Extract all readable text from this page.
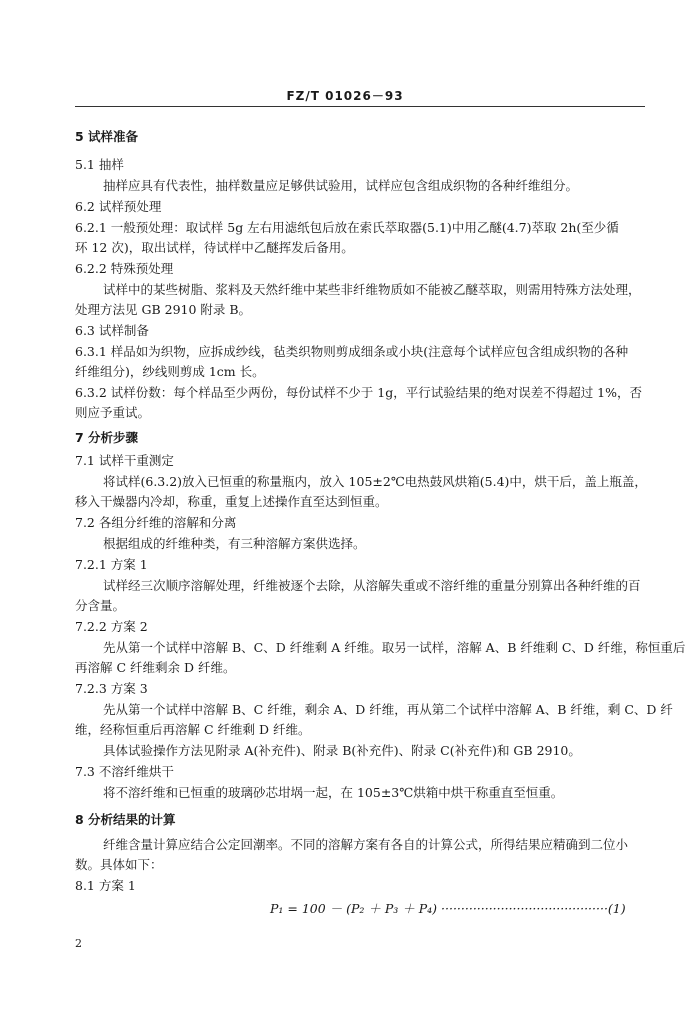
FZ/T 01026－93
5 试样准备
5.1 抽样
抽样应具有代表性，抽样数量应足够供试验用，试样应包含组成织物的各种纤维组分。
6.2 试样预处理
6.2.1 一般预处理：取试样 5g 左右用滤纸包后放在索氏萃取器(5.1)中用乙醚(4.7)萃取 2h(至少循
环 12 次)，取出试样，待试样中乙醚挥发后备用。
6.2.2 特殊预处理
试样中的某些树脂、浆料及天然纤维中某些非纤维物质如不能被乙醚萃取，则需用特殊方法处理，
处理方法见 GB 2910 附录 B。
6.3 试样制备
6.3.1 样品如为织物，应拆成纱线，毡类织物则剪成细条或小块(注意每个试样应包含组成织物的各种
纤维组分)，纱线则剪成 1cm 长。
6.3.2 试样份数：每个样品至少两份，每份试样不少于 1g，平行试验结果的绝对误差不得超过 1%，否
则应予重试。
7 分析步骤
7.1 试样干重测定
将试样(6.3.2)放入已恒重的称量瓶内，放入 105±2℃电热鼓风烘箱(5.4)中，烘干后，盖上瓶盖，
移入干燥器内冷却，称重，重复上述操作直至达到恒重。
7.2 各组分纤维的溶解和分离
根据组成的纤维种类，有三种溶解方案供选择。
7.2.1 方案 1
试样经三次顺序溶解处理，纤维被逐个去除，从溶解失重或不溶纤维的重量分别算出各种纤维的百
分含量。
7.2.2 方案 2
先从第一个试样中溶解 B、C、D 纤维剩 A 纤维。取另一试样，溶解 A、B 纤维剩 C、D 纤维，称恒重后
再溶解 C 纤维剩余 D 纤维。
7.2.3 方案 3
先从第一个试样中溶解 B、C 纤维，剩余 A、D 纤维，再从第二个试样中溶解 A、B 纤维，剩 C、D 纤
维，经称恒重后再溶解 C 纤维剩 D 纤维。
具体试验操作方法见附录 A(补充件)、附录 B(补充件)、附录 C(补充件)和 GB 2910。
7.3 不溶纤维烘干
将不溶纤维和已恒重的玻璃砂芯坩埚一起，在 105±3℃烘箱中烘干称重直至恒重。
8 分析结果的计算
纤维含量计算应结合公定回潮率。不同的溶解方案有各自的计算公式，所得结果应精确到二位小
数。具体如下：
8.1 方案 1
P₁ = 100 － (P₂ ＋ P₃ ＋ P₄) ··········································(1)
2
